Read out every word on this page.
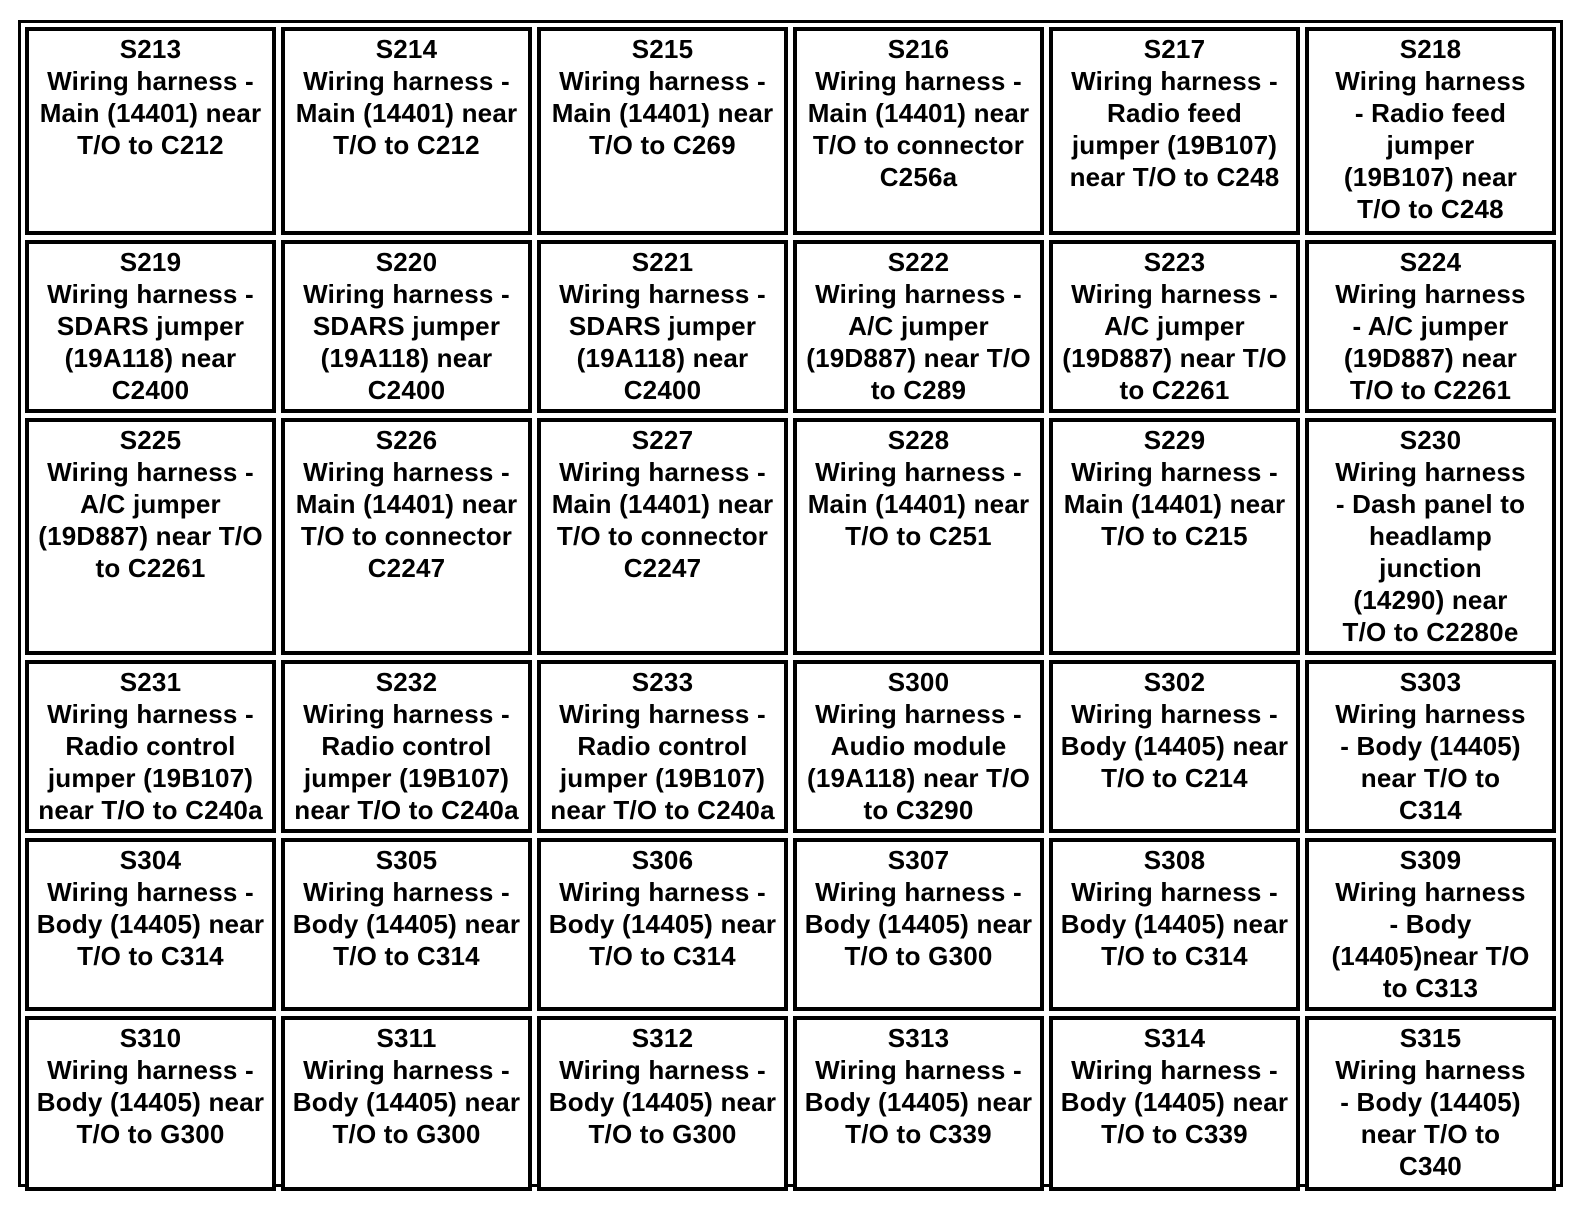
S213
Wiring harness -
Main (14401) near
T/O to C212
S214
Wiring harness -
Main (14401) near
T/O to C212
S215
Wiring harness -
Main (14401) near
T/O to C269
S216
Wiring harness -
Main (14401) near
T/O to connector
C256a
S217
Wiring harness -
Radio feed
jumper (19B107)
near T/O to C248
S218
Wiring harness
- Radio feed
jumper
(19B107) near
T/O to C248
S219
Wiring harness -
SDARS jumper
(19A118) near
C2400
S220
Wiring harness -
SDARS jumper
(19A118) near
C2400
S221
Wiring harness -
SDARS jumper
(19A118) near
C2400
S222
Wiring harness -
A/C jumper
(19D887) near T/O
to C289
S223
Wiring harness -
A/C jumper
(19D887) near T/O
to C2261
S224
Wiring harness
- A/C jumper
(19D887) near
T/O to C2261
S225
Wiring harness -
A/C jumper
(19D887) near T/O
to C2261
S226
Wiring harness -
Main (14401) near
T/O to connector
C2247
S227
Wiring harness -
Main (14401) near
T/O to connector
C2247
S228
Wiring harness -
Main (14401) near
T/O to C251
S229
Wiring harness -
Main (14401) near
T/O to C215
S230
Wiring harness
- Dash panel to
headlamp
junction
(14290) near
T/O to C2280e
S231
Wiring harness -
Radio control
jumper (19B107)
near T/O to C240a
S232
Wiring harness -
Radio control
jumper (19B107)
near T/O to C240a
S233
Wiring harness -
Radio control
jumper (19B107)
near T/O to C240a
S300
Wiring harness -
Audio module
(19A118) near T/O
to C3290
S302
Wiring harness -
Body (14405) near
T/O to C214
S303
Wiring harness
- Body (14405)
near T/O to
C314
S304
Wiring harness -
Body (14405) near
T/O to C314
S305
Wiring harness -
Body (14405) near
T/O to C314
S306
Wiring harness -
Body (14405) near
T/O to C314
S307
Wiring harness -
Body (14405) near
T/O to G300
S308
Wiring harness -
Body (14405) near
T/O to C314
S309
Wiring harness
- Body
(14405)near T/O
to C313
S310
Wiring harness -
Body (14405) near
T/O to G300
S311
Wiring harness -
Body (14405) near
T/O to G300
S312
Wiring harness -
Body (14405) near
T/O to G300
S313
Wiring harness -
Body (14405) near
T/O to C339
S314
Wiring harness -
Body (14405) near
T/O to C339
S315
Wiring harness
- Body (14405)
near T/O to
C340
